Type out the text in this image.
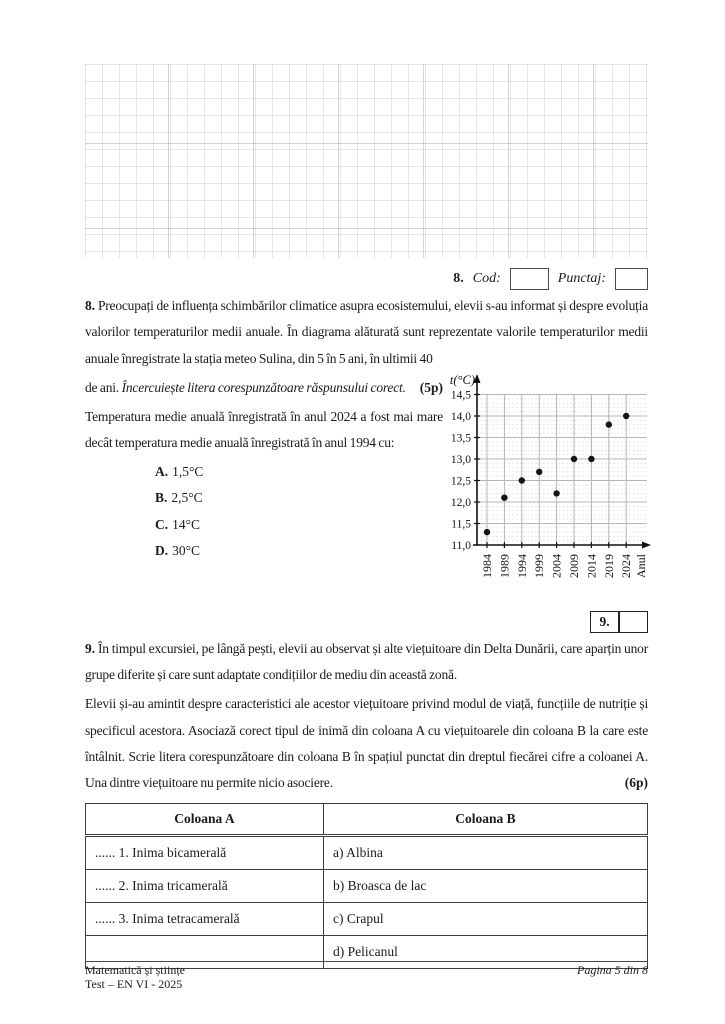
8. Cod:	Punctaj:

8. Preocupați de influența schimbărilor climatice asupra ecosistemului, elevii s-au informat și despre evoluția valorilor temperaturilor medii anuale. În diagrama alăturată sunt reprezentate valorile temperaturilor medii anuale înregistrate la stația meteo Sulina, din 5 în 5 ani, în ultimii 40

11,0
11,5
12,0
12,5
13,0
13,5
14,0
14,5
1984 1989 1994 1999 2004 2009 2014 2019 2024 Anul
t(°C)

de ani. Încercuiește litera corespunzătoare răspunsului corect. (5p)

Temperatura medie anuală înregistrată în anul 2024 a fost mai mare decât temperatura medie anuală înregistrată în anul 1994 cu:

A. 1,5°C
B. 2,5°C
C. 14°C
D. 30°C
9.

9. În timpul excursiei, pe lângă pești, elevii au observat și alte viețuitoare din Delta Dunării, care aparțin unor grupe diferite și care sunt adaptate condițiilor de mediu din această zonă.

Elevii și-au amintit despre caracteristici ale acestor viețuitoare privind modul de viață, funcțiile de nutriție și specificul acestora. Asociază corect tipul de inimă din coloana A cu viețuitoarele din coloana B la care este întâlnit. Scrie litera corespunzătoare din coloana B în spațiul punctat din dreptul fiecărei cifre a coloanei A. Una dintre viețuitoare nu permite nicio asociere.	(6p)

Coloana A	Coloana B
...... 1. Inima bicamerală	a) Albina
...... 2. Inima tricamerală	b) Broasca de lac
...... 3. Inima tetracamerală	c) Crapul
	d) Pelicanul
Matematică și științe
Test – EN VI - 2025
Pagina 5 din 8
